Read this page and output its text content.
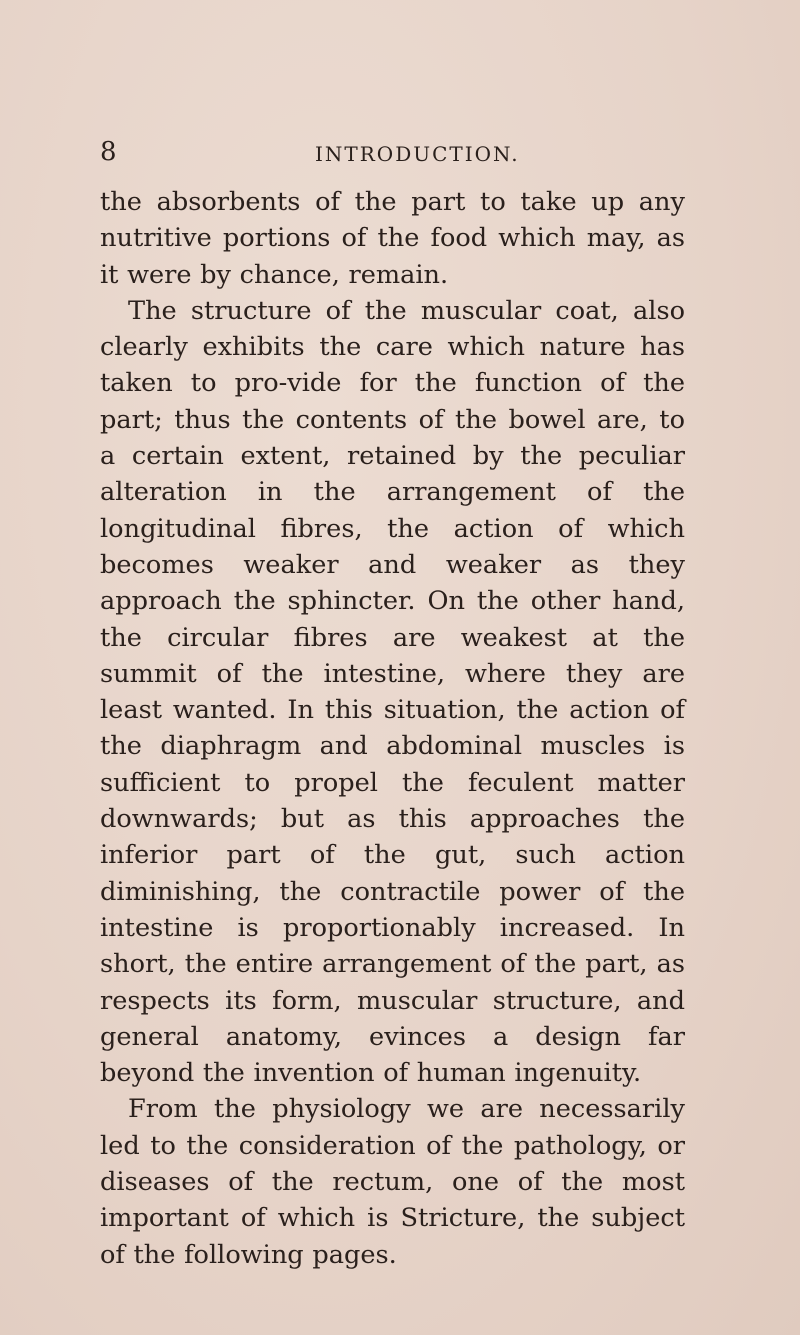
8	INTRODUCTION.

the absorbents of the part to take up any nutritive portions of the food which may, as it were by chance, remain.

The structure of the muscular coat, also clearly exhibits the care which nature has taken to pro-vide for the function of the part; thus the contents of the bowel are, to a certain extent, retained by the peculiar alteration in the arrangement of the longitudinal fibres, the action of which becomes weaker and weaker as they approach the sphincter. On the other hand, the circular fibres are weakest at the summit of the intestine, where they are least wanted. In this situation, the action of the diaphragm and abdominal muscles is sufficient to propel the feculent matter downwards; but as this approaches the inferior part of the gut, such action diminishing, the contractile power of the intestine is proportionably increased. In short, the entire arrangement of the part, as respects its form, muscular structure, and general anatomy, evinces a design far beyond the invention of human ingenuity.

From the physiology we are necessarily led to the consideration of the pathology, or diseases of the rectum, one of the most important of which is Stricture, the subject of the following pages.
